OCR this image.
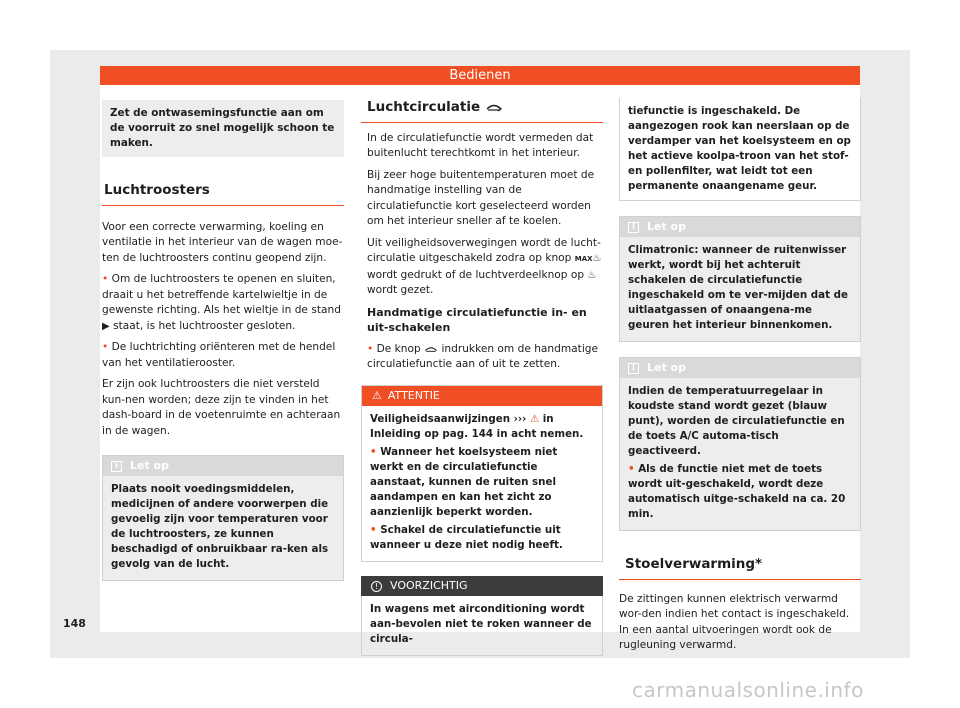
Bedienen
Zet de ontwasemingsfunctie aan om de voorruit zo snel mogelijk schoon te maken.
Luchtroosters

Voor een correcte verwarming, koeling en ventilatie in het interieur van de wagen moe-ten de luchtroosters continu geopend zijn.

• Om de luchtroosters te openen en sluiten, draait u het betreffende kartelwieltje in de gewenste richting. Als het wieltje in de stand ▶ staat, is het luchtrooster gesloten.

• De luchtrichting oriënteren met de hendel van het ventilatierooster.

Er zijn ook luchtroosters die niet versteld kun-nen worden; deze zijn te vinden in het dash-board in de voetenruimte en achteraan in de wagen.

i Let op
Plaats nooit voedingsmiddelen, medicijnen of andere voorwerpen die gevoelig zijn voor temperaturen voor de luchtroosters, ze kunnen beschadigd of onbruikbaar ra-ken als gevolg van de lucht.
Luchtcirculatie

In de circulatiefunctie wordt vermeden dat buitenlucht terechtkomt in het interieur.

Bij zeer hoge buitentemperaturen moet de handmatige instelling van de circulatiefunctie kort geselecteerd worden om het interieur sneller af te koelen.

Uit veiligheidsoverwegingen wordt de lucht-circulatie uitgeschakeld zodra op knop MAX♨ wordt gedrukt of de luchtverdeelknop op ♨ wordt gezet.

Handmatige circulatiefunctie in- en uit-schakelen

• De knop indrukken om de handmatige circulatiefunctie aan of uit te zetten.

⚠ ATTENTIE

Veiligheidsaanwijzingen ››› ⚠ in Inleiding op pag. 144 in acht nemen.

• Wanneer het koelsysteem niet werkt en de circulatiefunctie aanstaat, kunnen de ruiten snel aandampen en kan het zicht zo aanzienlijk beperkt worden.

• Schakel de circulatiefunctie uit wanneer u deze niet nodig heeft.

! VOORZICHTIG
In wagens met airconditioning wordt aan-bevolen niet te roken wanneer de circula-
tiefunctie is ingeschakeld. De aangezogen rook kan neerslaan op de verdamper van het koelsysteem en op het actieve koolpa-troon van het stof- en pollenfilter, wat leidt tot een permanente onaangename geur.
i Let op
Climatronic: wanneer de ruitenwisser werkt, wordt bij het achteruit schakelen de circulatiefunctie ingeschakeld om te ver-mijden dat de uitlaatgassen of onaangena-me geuren het interieur binnenkomen.
i Let op

Indien de temperatuurregelaar in koudste stand wordt gezet (blauw punt), worden de circulatiefunctie en de toets A/C automa-tisch geactiveerd.

• Als de functie niet met de toets wordt uit-geschakeld, wordt deze automatisch uitge-schakeld na ca. 20 min.

Stoelverwarming*

De zittingen kunnen elektrisch verwarmd wor-den indien het contact is ingeschakeld. In een aantal uitvoeringen wordt ook de rugleuning verwarmd.

148
carmanualsonline.info
